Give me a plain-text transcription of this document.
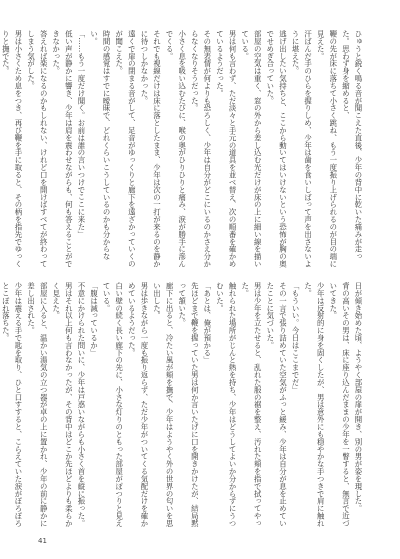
ひゅうと鋭く鳴る音が聞こえた直後、少年の背中に乾いた痛みが走った。思わず身を縮めると、
鞭の先が床に落ちて小さく跳ね、もう一度振り上げられるのが目の端に見えた。
汗ばんだ手のひらを握りしめ、少年は歯を食いしばって声を出さないように堪えた。
逃げ出したい気持ちと、ここから動いてはいけないという恐怖が胸の奥でせめぎ合っていた。
部屋の空気は重く、窓の外から差し込む光だけが床の上に細い線を描いている。
男は何も言わず、ただ淡々と手元の道具を並べ替え、次の順番を確かめているようだった。
その無表情が何よりも恐ろしく、少年は自分がどこにいるのかさえ分からなくなりそうだった。
小さく息を吸い込むたびに、喉の奥がひりひりと痛み、涙が勝手に滲んでくる。
それでも視線だけは床に落としたまま、少年は次の一打が来るのを静かに待つしかなかった。
遠くで扉の閉まる音がして、足音がゆっくりと廊下を遠ざかっていくのが聞こえた。
時間の感覚はすでに曖昧で、どれくらいこうしているのかも分からない。
「……もう一度だけ聞く。お前は誰の言いつけでここに来た」
低い声が静かに響き、少年は肩を震わせながらも、何も答えることができなかった。
答えれば楽になるのかもしれない、けれど口を開けばすべてが終わってしまう気がした。
男は小さくため息をつき、再び鞭を手に取ると、その柄を指先でゆっくりと撫でた。

日が傾き始めた頃、ようやく部屋の扉が開き、別の男が姿を現した。
背の高いその男は、床に座り込んだままの少年を一瞥すると、無言で近づいてきた。
少年は反射的に身を固くしたが、男は意外にも穏やかな手つきで肩に触れた。
「もういい。今日はここまでだ」
その一言で張り詰めていた空気がふっと緩み、少年は自分が息を止めていたことに気づいた。
男は少年を立たせると、乱れた服の裾を整え、汚れた頬を指で拭ってやった。
触れられた場所がじんと熱を持ち、少年はどうしてよいか分からずにうつむいた。
「あとは、俺が預かる」
先ほどまで鞭を握っていた男は何か言いたげに口を開きかけたが、結局黙って頷いた。
廊下に出ると、冷たい風が頬を撫で、少年はようやく外の世界の匂いを思い出した。
男は歩きながら一度も振り返らず、ただ少年がついてくる気配だけを確かめているようだった。
白い壁の続く長い廊下の先に、小さな灯りのともった部屋がぽつりと見えている。
「腹は減っているか」
不意にかけられた問いに、少年は戸惑いながらも小さく首を縦に振った。
男はそれ以上何も言わなかったが、その背中はどこか先ほどよりも柔らかく見えた。
部屋に入ると、温かい湯気の立つ器が卓の上に置かれ、少年の前に静かに差し出された。
少年は震える手で匙を取り、ひと口すすると、こらえていた涙がぽろぽろとこぼれ落ちた。

41
